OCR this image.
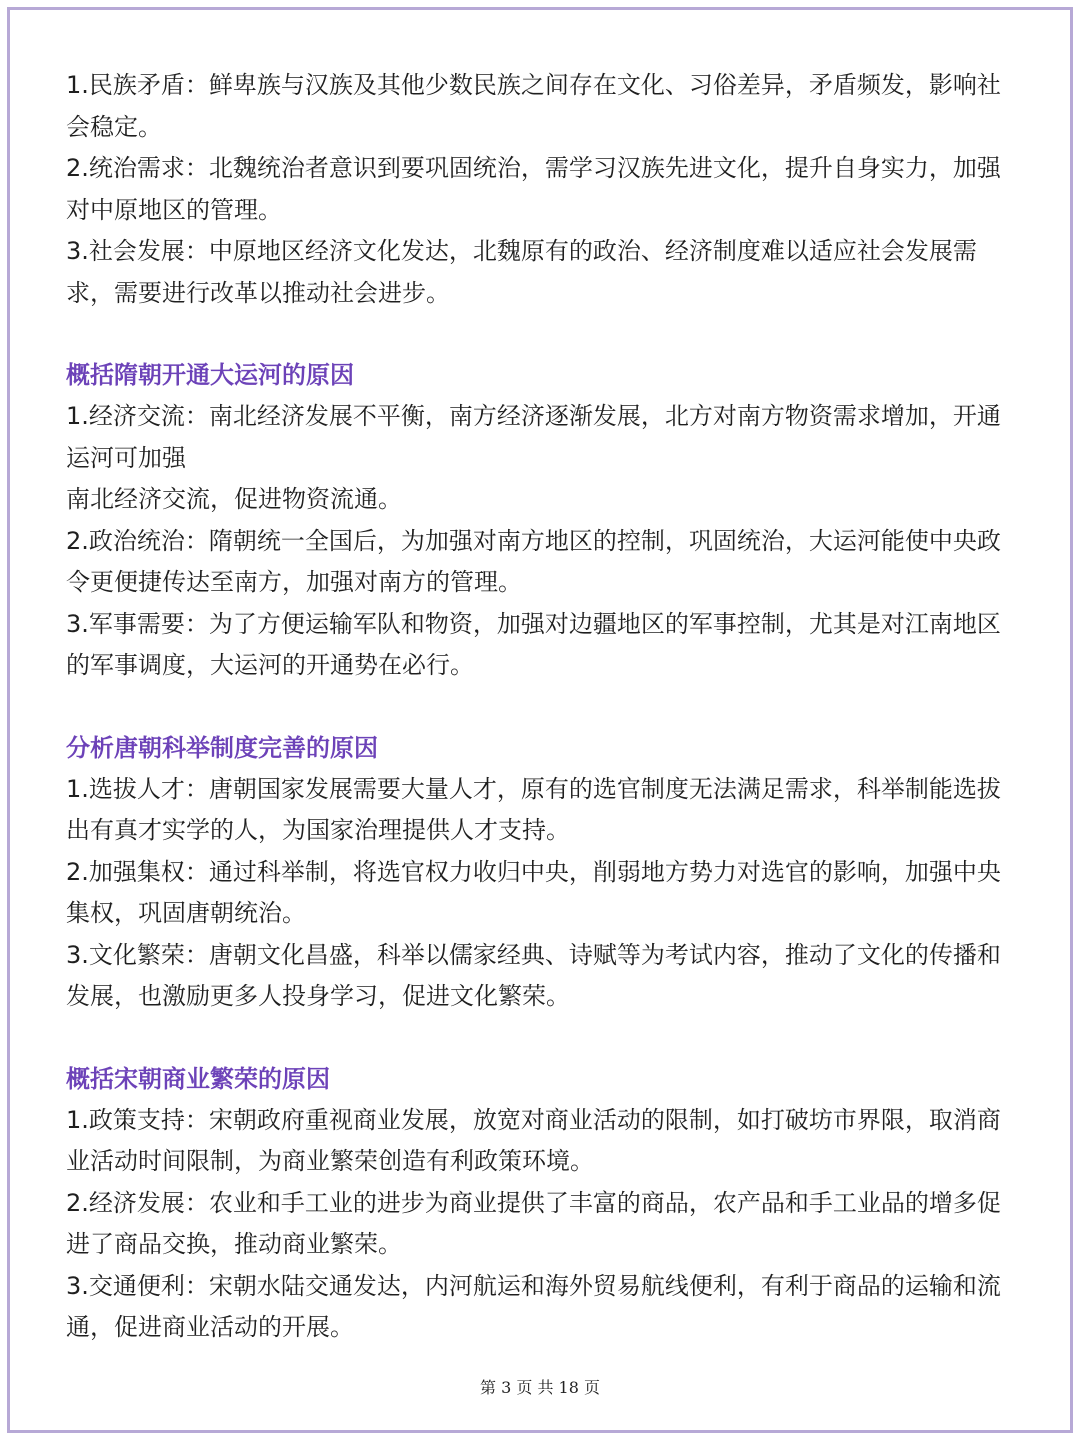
1.民族矛盾：鲜卑族与汉族及其他少数民族之间存在文化、习俗差异，矛盾频发，影响社会稳定。

2.统治需求：北魏统治者意识到要巩固统治，需学习汉族先进文化，提升自身实力，加强对中原地区的管理。

3.社会发展：中原地区经济文化发达，北魏原有的政治、经济制度难以适应社会发展需求，需要进行改革以推动社会进步。

概括隋朝开通大运河的原因

1.经济交流：南北经济发展不平衡，南方经济逐渐发展，北方对南方物资需求增加，开通运河可加强

南北经济交流，促进物资流通。

2.政治统治：隋朝统一全国后，为加强对南方地区的控制，巩固统治，大运河能使中央政令更便捷传达至南方，加强对南方的管理。

3.军事需要：为了方便运输军队和物资，加强对边疆地区的军事控制，尤其是对江南地区的军事调度，大运河的开通势在必行。

分析唐朝科举制度完善的原因

1.选拔人才：唐朝国家发展需要大量人才，原有的选官制度无法满足需求，科举制能选拔出有真才实学的人，为国家治理提供人才支持。

2.加强集权：通过科举制，将选官权力收归中央，削弱地方势力对选官的影响，加强中央集权，巩固唐朝统治。

3.文化繁荣：唐朝文化昌盛，科举以儒家经典、诗赋等为考试内容，推动了文化的传播和发展，也激励更多人投身学习，促进文化繁荣。

概括宋朝商业繁荣的原因

1.政策支持：宋朝政府重视商业发展，放宽对商业活动的限制，如打破坊市界限，取消商业活动时间限制，为商业繁荣创造有利政策环境。

2.经济发展：农业和手工业的进步为商业提供了丰富的商品，农产品和手工业品的增多促进了商品交换，推动商业繁荣。

3.交通便利：宋朝水陆交通发达，内河航运和海外贸易航线便利，有利于商品的运输和流通，促进商业活动的开展。

第 3 页 共 18 页
